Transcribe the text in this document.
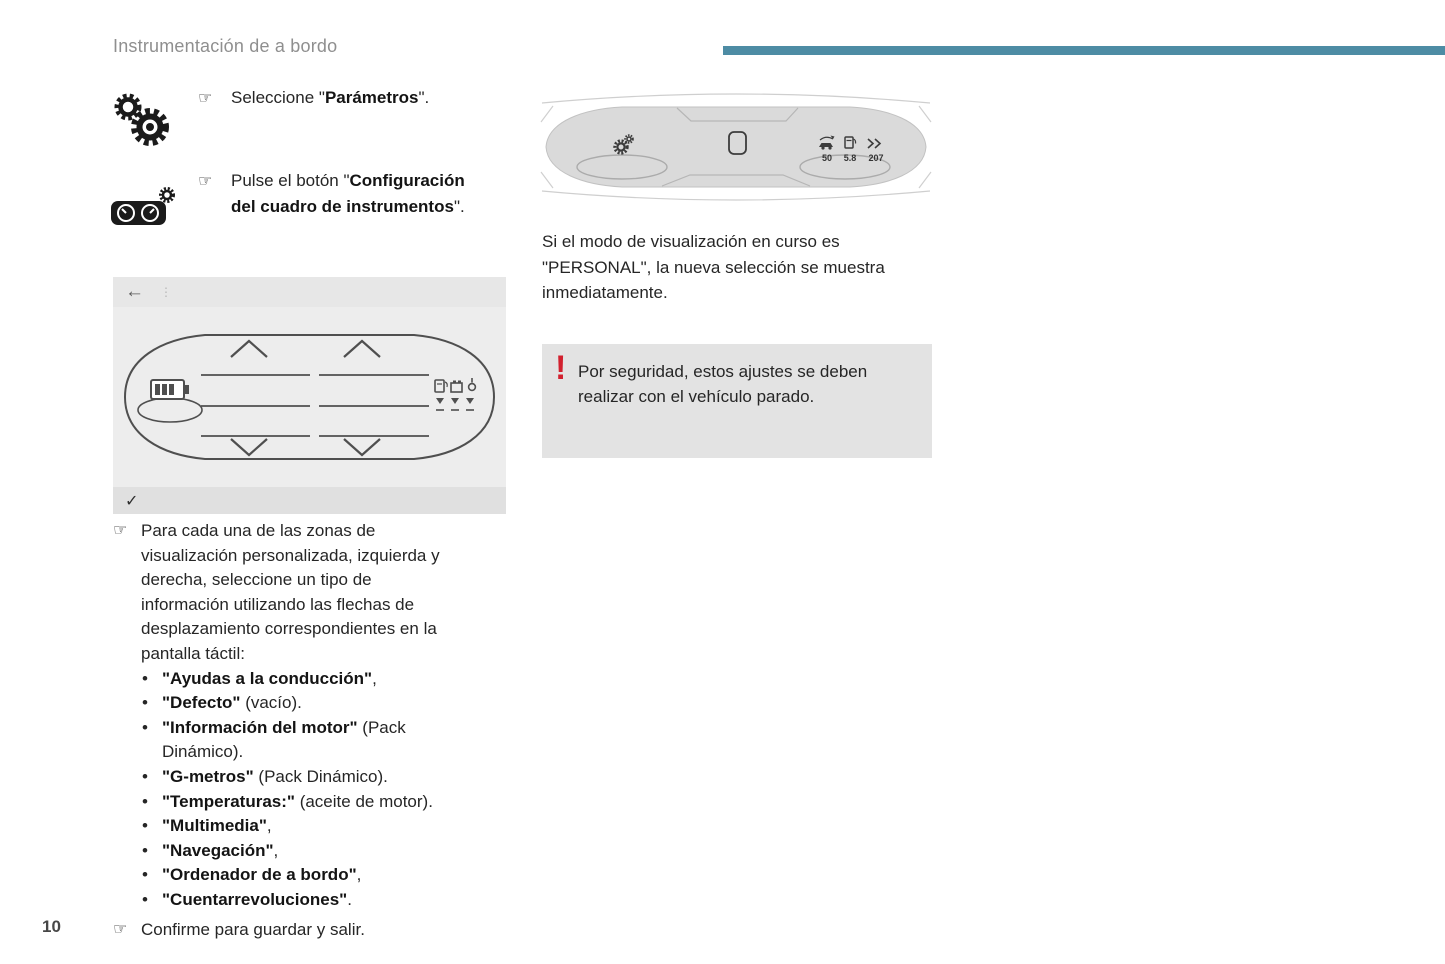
Instrumentación de a bordo
☞	Seleccione "Parámetros".
☞	Pulse el botón "Configuración del cuadro de instrumentos".
← ⋮
✓
☞ Para cada una de las zonas de visualización personalizada, izquierda y derecha, seleccione un tipo de información utilizando las flechas de desplazamiento correspondientes en la pantalla táctil:

• "Ayudas a la conducción",
• "Defecto" (vacío).
• "Información del motor" (Pack Dinámico).
• "G-metros" (Pack Dinámico).
• "Temperaturas:" (aceite de motor).
• "Multimedia",
• "Navegación",
• "Ordenador de a bordo",
• "Cuentarrevoluciones".
☞ Confirme para guardar y salir.

50 5.8 207

Si el modo de visualización en curso es "PERSONAL", la nueva selección se muestra inmediatamente.

! Por seguridad, estos ajustes se deben realizar con el vehículo parado.

10
